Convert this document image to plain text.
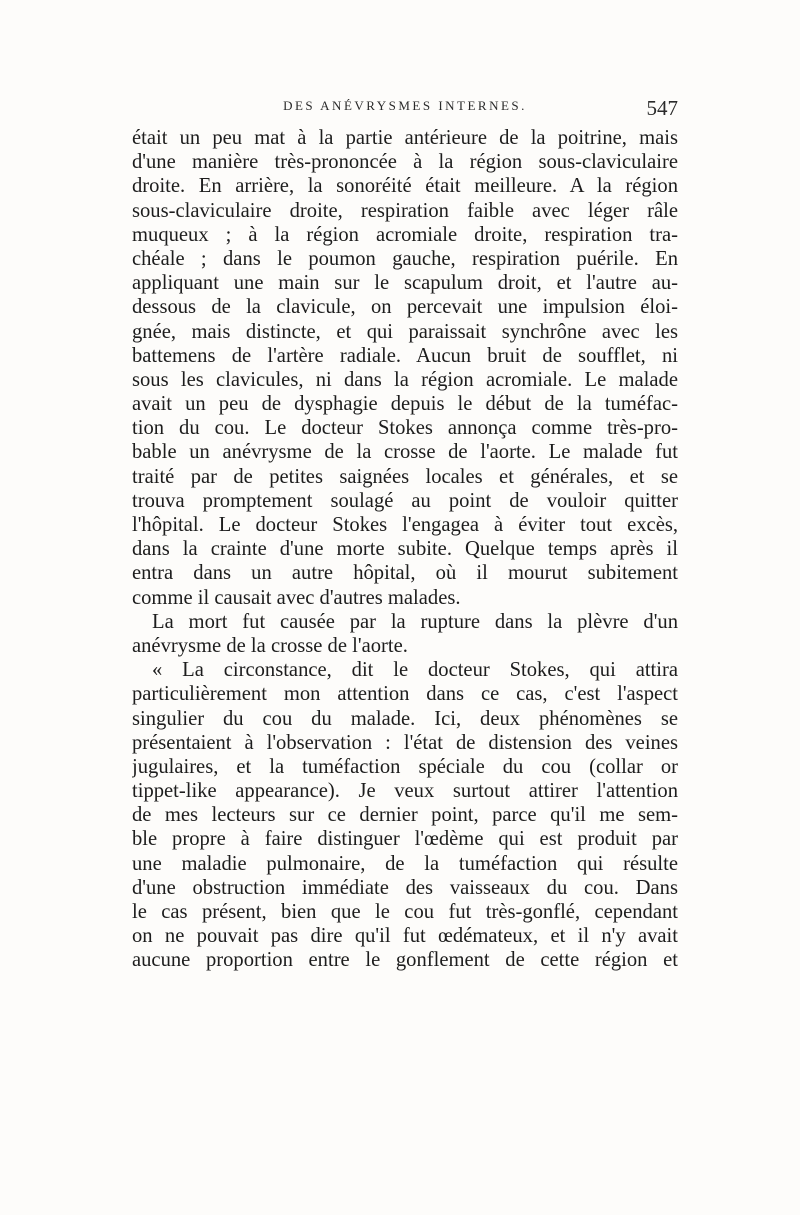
DES ANÉVRYSMES INTERNES.	547
était un peu mat à la partie antérieure de la poitrine, mais
d'une manière très-prononcée à la région sous-claviculaire
droite. En arrière, la sonoréité était meilleure. A la région
sous-claviculaire droite, respiration faible avec léger râle
muqueux ; à la région acromiale droite, respiration tra-
chéale ; dans le poumon gauche, respiration puérile. En
appliquant une main sur le scapulum droit, et l'autre au-
dessous de la clavicule, on percevait une impulsion éloi-
gnée, mais distincte, et qui paraissait synchrône avec les
battemens de l'artère radiale. Aucun bruit de soufflet, ni
sous les clavicules, ni dans la région acromiale. Le malade
avait un peu de dysphagie depuis le début de la tuméfac-
tion du cou. Le docteur Stokes annonça comme très-pro-
bable un anévrysme de la crosse de l'aorte. Le malade fut
traité par de petites saignées locales et générales, et se
trouva promptement soulagé au point de vouloir quitter
l'hôpital. Le docteur Stokes l'engagea à éviter tout excès,
dans la crainte d'une morte subite. Quelque temps après il
entra dans un autre hôpital, où il mourut subitement
comme il causait avec d'autres malades.
La mort fut causée par la rupture dans la plèvre d'un
anévrysme de la crosse de l'aorte.
« La circonstance, dit le docteur Stokes, qui attira
particulièrement mon attention dans ce cas, c'est l'aspect
singulier du cou du malade. Ici, deux phénomènes se
présentaient à l'observation : l'état de distension des veines
jugulaires, et la tuméfaction spéciale du cou (collar or
tippet-like appearance). Je veux surtout attirer l'attention
de mes lecteurs sur ce dernier point, parce qu'il me sem-
ble propre à faire distinguer l'œdème qui est produit par
une maladie pulmonaire, de la tuméfaction qui résulte
d'une obstruction immédiate des vaisseaux du cou. Dans
le cas présent, bien que le cou fut très-gonflé, cependant
on ne pouvait pas dire qu'il fut œdémateux, et il n'y avait
aucune proportion entre le gonflement de cette région et
